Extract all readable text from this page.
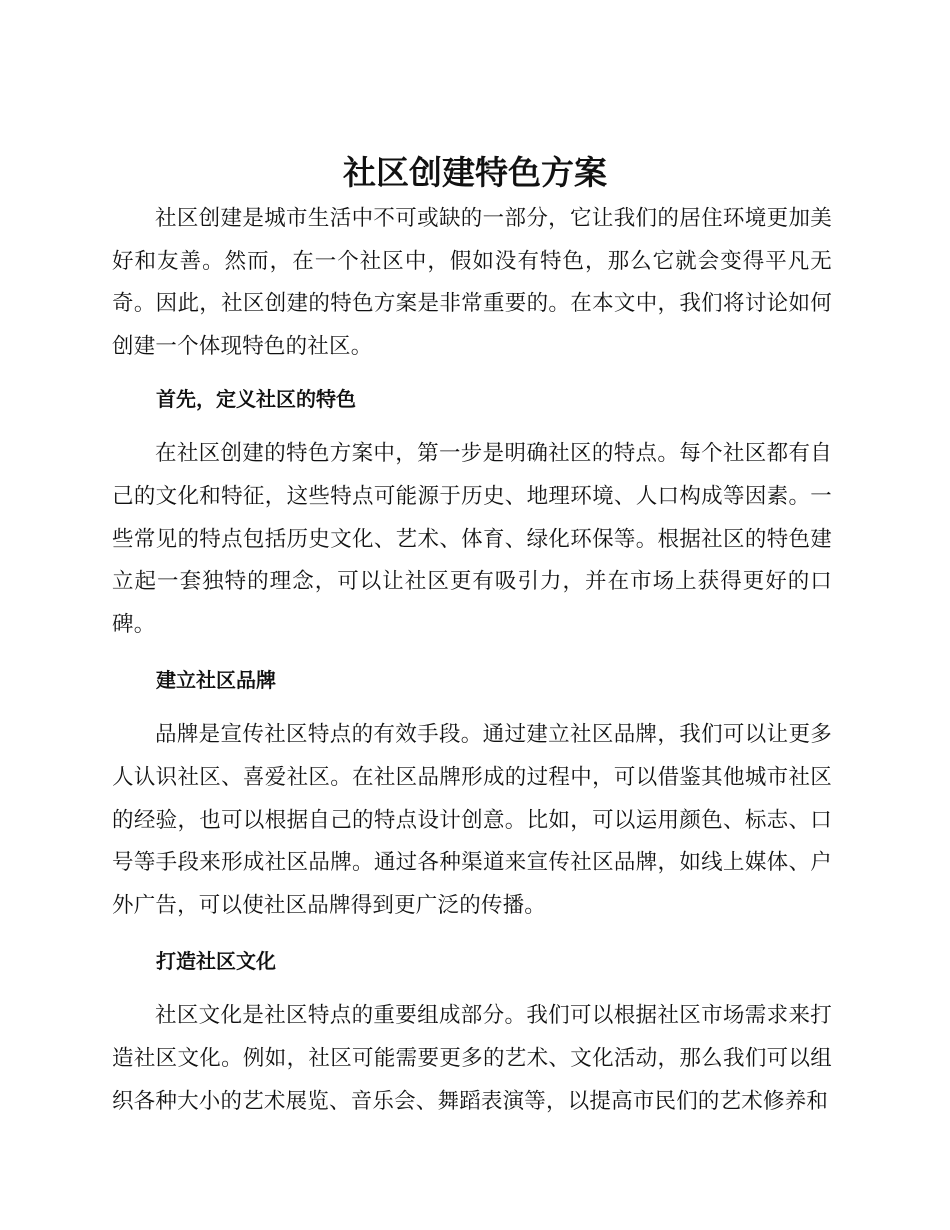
社区创建特色方案

社区创建是城市生活中不可或缺的一部分，它让我们的居住环境更加美好和友善。然而，在一个社区中，假如没有特色，那么它就会变得平凡无奇。因此，社区创建的特色方案是非常重要的。在本文中，我们将讨论如何创建一个体现特色的社区。

首先，定义社区的特色

在社区创建的特色方案中，第一步是明确社区的特点。每个社区都有自己的文化和特征，这些特点可能源于历史、地理环境、人口构成等因素。一些常见的特点包括历史文化、艺术、体育、绿化环保等。根据社区的特色建立起一套独特的理念，可以让社区更有吸引力，并在市场上获得更好的口碑。

建立社区品牌

品牌是宣传社区特点的有效手段。通过建立社区品牌，我们可以让更多人认识社区、喜爱社区。在社区品牌形成的过程中，可以借鉴其他城市社区的经验，也可以根据自己的特点设计创意。比如，可以运用颜色、标志、口号等手段来形成社区品牌。通过各种渠道来宣传社区品牌，如线上媒体、户外广告，可以使社区品牌得到更广泛的传播。

打造社区文化

社区文化是社区特点的重要组成部分。我们可以根据社区市场需求来打造社区文化。例如，社区可能需要更多的艺术、文化活动，那么我们可以组织各种大小的艺术展览、音乐会、舞蹈表演等，以提高市民们的艺术修养和
